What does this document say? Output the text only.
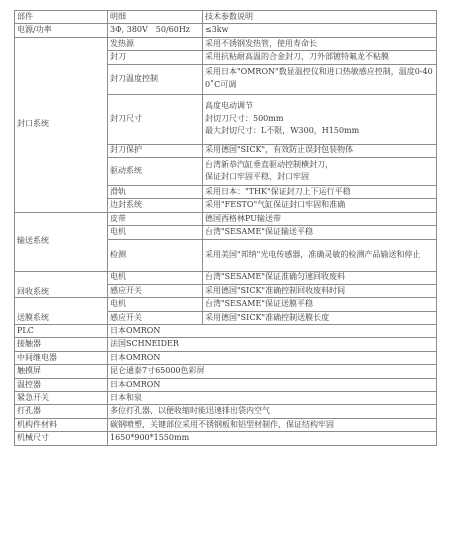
部件	明细	技术参数说明
电源/功率	3Φ, 380V　50/60Hz	≤3kw
封口系统	发热源	采用不锈钢发热管，使用寿命长
	封刀	采用抗粘耐高温的合金封刀，刀外部镀特氟龙不粘膜
	封刀温度控制	采用日本"OMRON"数显温控仪和进口热敏感应控制，温度0-400˚C可调
	封刀尺寸	高度电动调节
封切刀尺寸：500mm
最大封切尺寸：L不限，W300，H150mm

	封刀保护	采用德国"SICK"，有效防止误封包装物体
	驱动系统	台湾新恭汽缸垂直驱动控制横封刀，
保证封口牢固平稳，封口牢固

	滑轨	采用日本："THK"保证封刀上下运行平稳
	边封系统	采用"FESTO"气缸保证封口牢固和准确
输送系统	皮带	德国西格林PU输送带
	电机	台湾"SESAME"保证输送平稳
	检测	采用美国"邦纳"光电传感器，准确灵敏的检测产品输送和停止
回收系统	电机	台湾"SESAME"保证准确匀速回收废料
	感应开关	采用德国"SICK"准确控制回收废料时间
送膜系统	电机	台湾"SESAME"保证送膜平稳
	感应开关	采用德国"SICK"准确控制送膜长度
PLC	日本OMRON	
接触器	法国SCHNEIDER	
中间继电器	日本OMRON	
触摸屏	昆仑通泰7寸65000色彩屏	
温控器	日本OMRON	
紧急开关	日本和泉	
打孔器	多位打孔器，以便收缩时能迅速排出袋内空气	
机构件材料	碳钢喷塑，关键部位采用不锈钢板和铝型材制作，保证结构牢固	
机械尺寸	1650*900*1550mm	
